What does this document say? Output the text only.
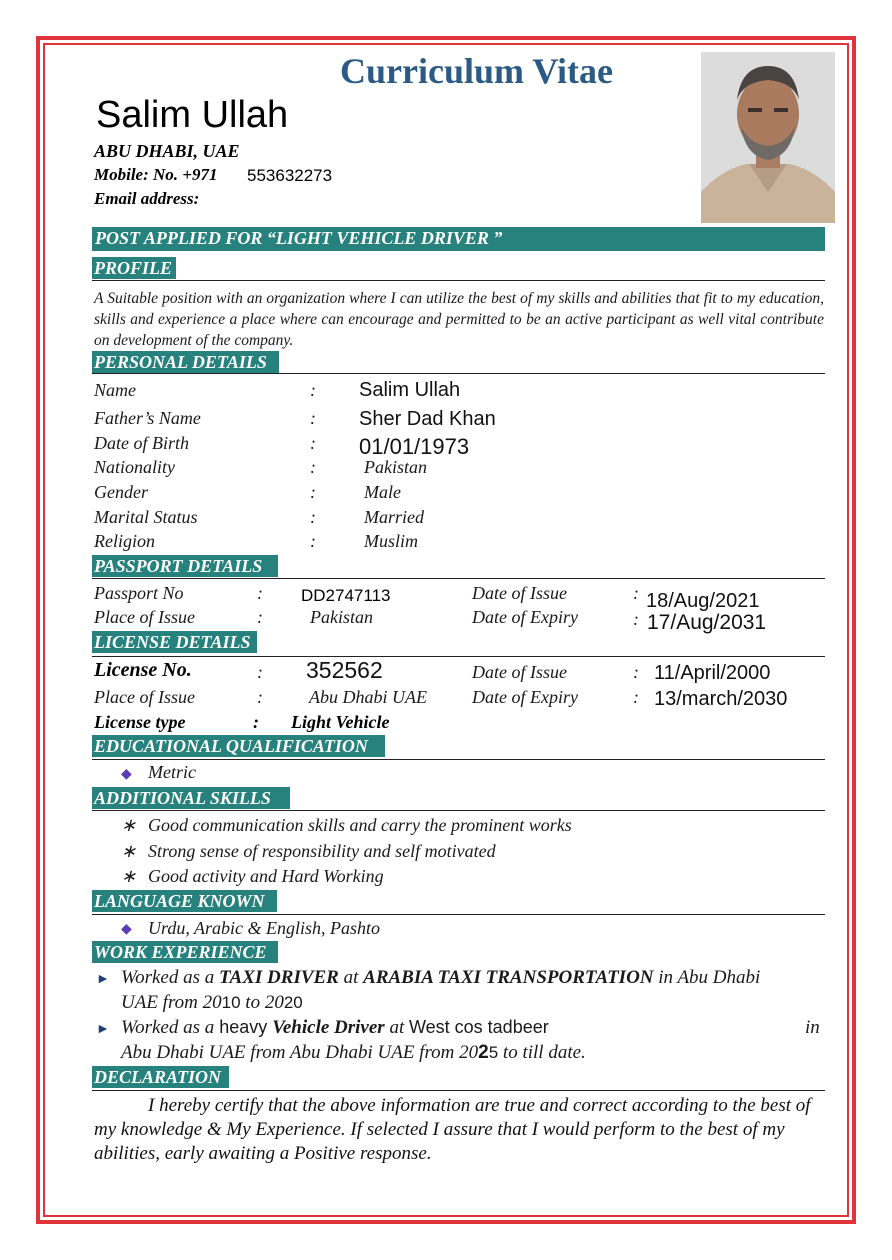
Curriculum Vitae
Salim Ullah
ABU DHABI, UAE
Mobile: No. +971 553632273
Email address:
POST APPLIED FOR “LIGHT VEHICLE DRIVER ”
PROFILE
A Suitable position with an organization where I can utilize the best of my skills and abilities that fit to my education, skills and experience a place where can encourage and permitted to be an active participant as well vital contribute on development of the company.
PERSONAL DETAILS
Name	: Salim Ullah
Father’s Name	: Sher Dad Khan
Date of Birth	: 01/01/1973
Nationality	:	Pakistan
Gender	:	Male
Marital Status	:	Married
Religion	:	Muslim
PASSPORT DETAILS
Passport No	: DD2747113	Date of Issue	: 18/Aug/2021
Place of Issue	:	Pakistan	Date of Expiry	: 17/Aug/2031
LICENSE DETAILS
License No.	: 352562	Date of Issue	: 11/April/2000
Place of Issue	:	Abu Dhabi UAE	Date of Expiry	: 13/march/2030
License type	: Light Vehicle
EDUCATIONAL QUALIFICATION
◆ Metric
ADDITIONAL SKILLS
∗ Good communication skills and carry the prominent works
∗ Strong sense of responsibility and self motivated
∗ Good activity and Hard Working
LANGUAGE KNOWN
◆ Urdu, Arabic & English, Pashto
WORK EXPERIENCE
► Worked as a TAXI DRIVER at ARABIA TAXI TRANSPORTATION in Abu Dhabi
UAE from 2010 to 2020
► Worked as a heavy Vehicle Driver at West cos tadbeer	in
Abu Dhabi UAE from Abu Dhabi UAE from 2025 to till date.
DECLARATION
I hereby certify that the above information are true and correct according to the best of my knowledge & My Experience. If selected I assure that I would perform to the best of my abilities, early awaiting a Positive response.
